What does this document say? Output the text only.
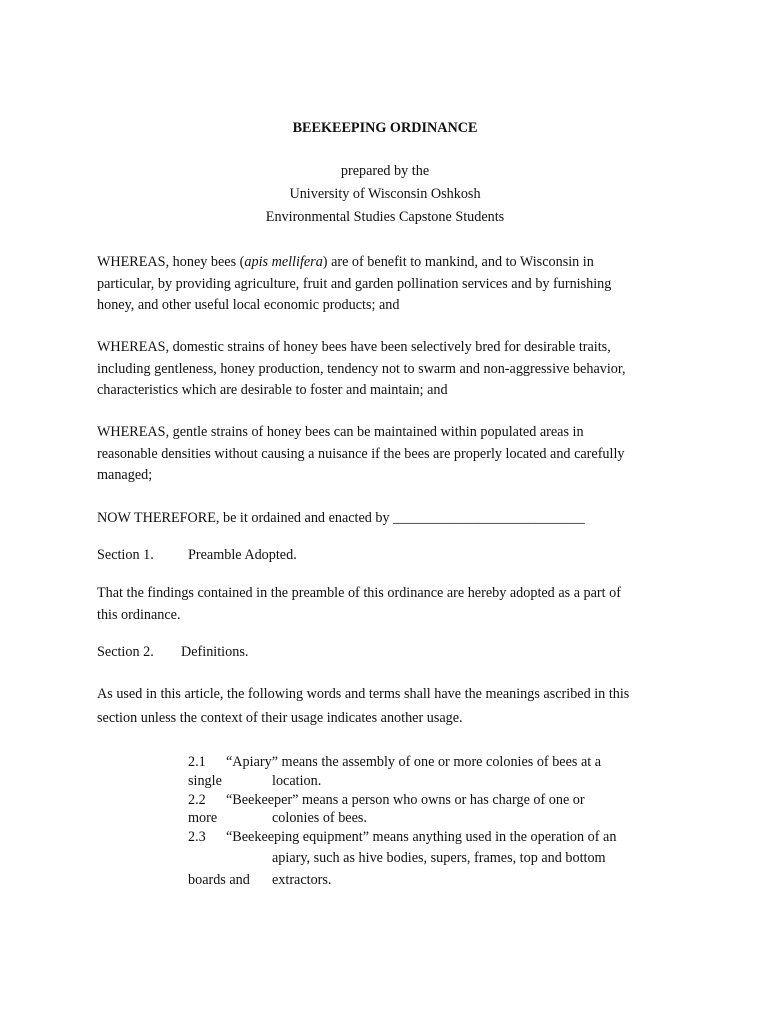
BEEKEEPING ORDINANCE
prepared by the
University of Wisconsin Oshkosh
Environmental Studies Capstone Students
WHEREAS, honey bees (apis mellifera) are of benefit to mankind, and to Wisconsin in
particular, by providing agriculture, fruit and garden pollination services and by furnishing
honey, and other useful local economic products; and
WHEREAS, domestic strains of honey bees have been selectively bred for desirable traits,
including gentleness, honey production, tendency not to swarm and non-aggressive behavior,
characteristics which are desirable to foster and maintain; and
WHEREAS, gentle strains of honey bees can be maintained within populated areas in
reasonable densities without causing a nuisance if the bees are properly located and carefully
managed;
NOW THEREFORE, be it ordained and enacted by ___________________________
Section 1. Preamble Adopted.
That the findings contained in the preamble of this ordinance are hereby adopted as a part of
this ordinance.
Section 2. Definitions.
As used in this article, the following words and terms shall have the meanings ascribed in this
section unless the context of their usage indicates another usage.
2.1 “Apiary” means the assembly of one or more colonies of bees at a
single	location.
2.2 “Beekeeper” means a person who owns or has charge of one or
more	colonies of bees.
2.3 “Beekeeping equipment” means anything used in the operation of an
apiary, such as hive bodies, supers, frames, top and bottom
boards and extractors.
